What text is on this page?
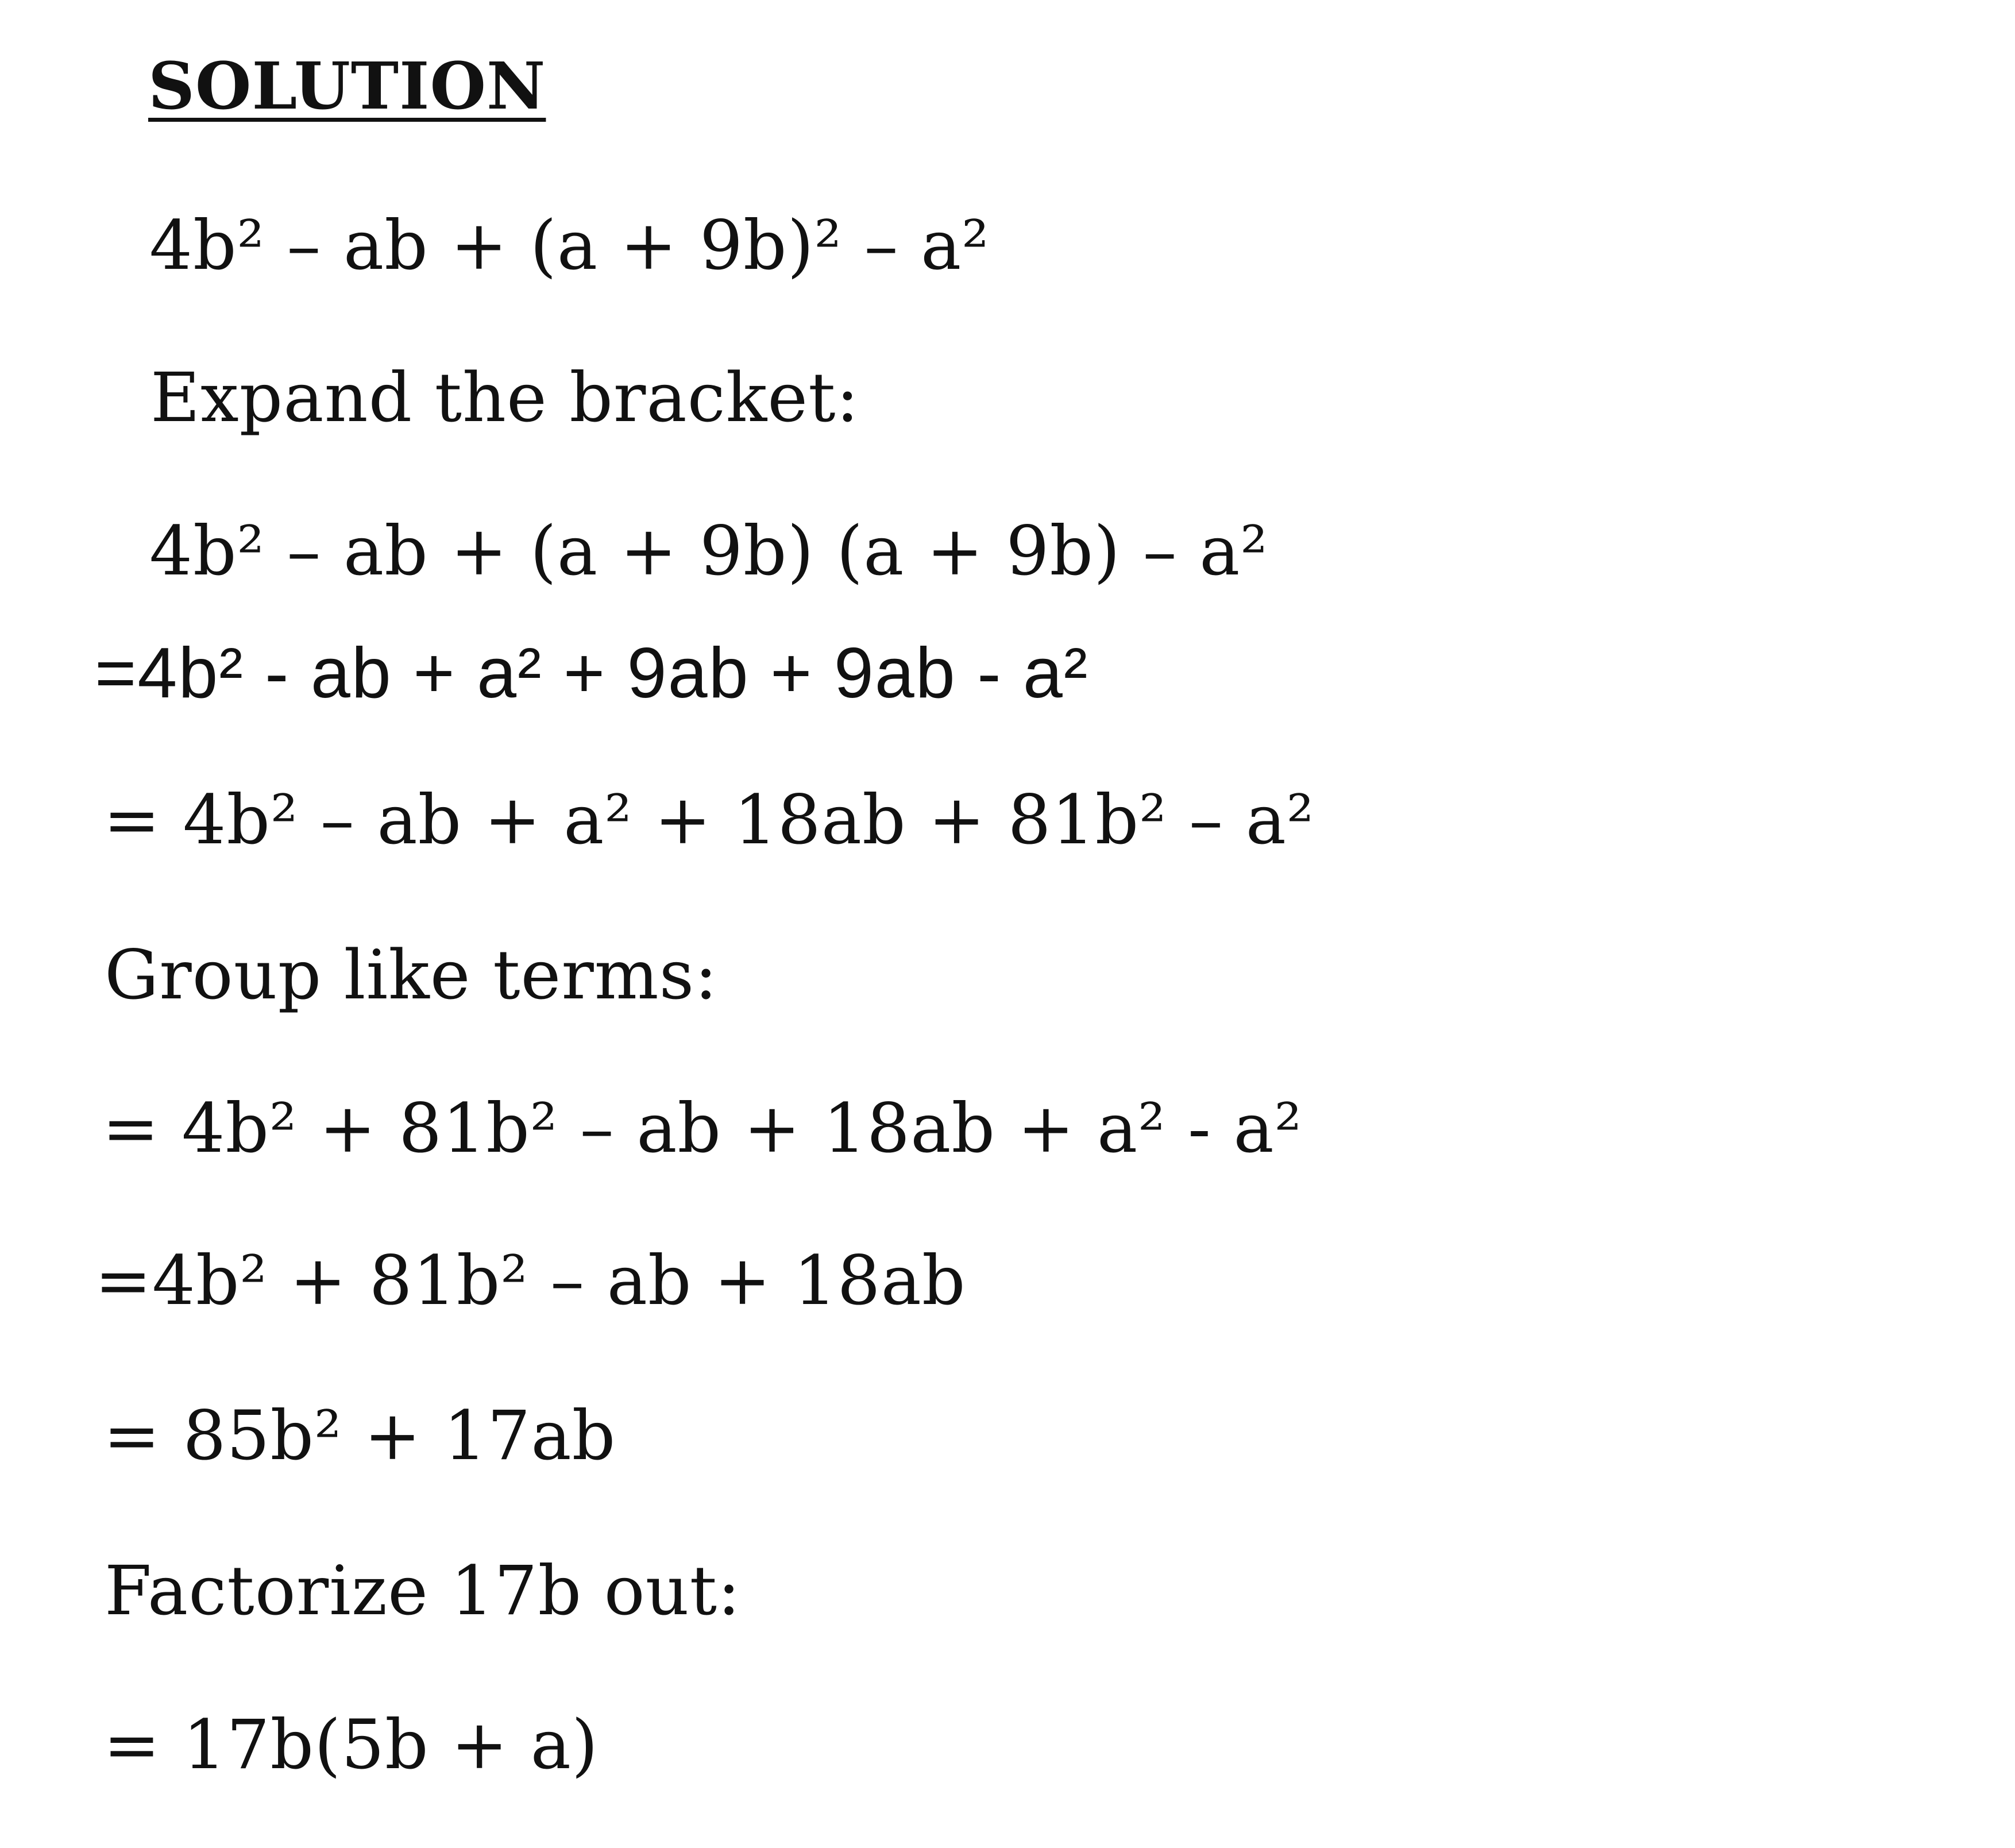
SOLUTION
4b² – ab + (a + 9b)² – a²
Expand the bracket:
4b² – ab + (a + 9b) (a + 9b) – a²
=4b² - ab + a² + 9ab + 9ab - a²
= 4b² – ab + a² + 18ab + 81b² – a²
Group like terms:
= 4b² + 81b² – ab + 18ab + a² - a²
=4b² + 81b² – ab + 18ab
= 85b² + 17ab
Factorize 17b out:
= 17b(5b + a)
